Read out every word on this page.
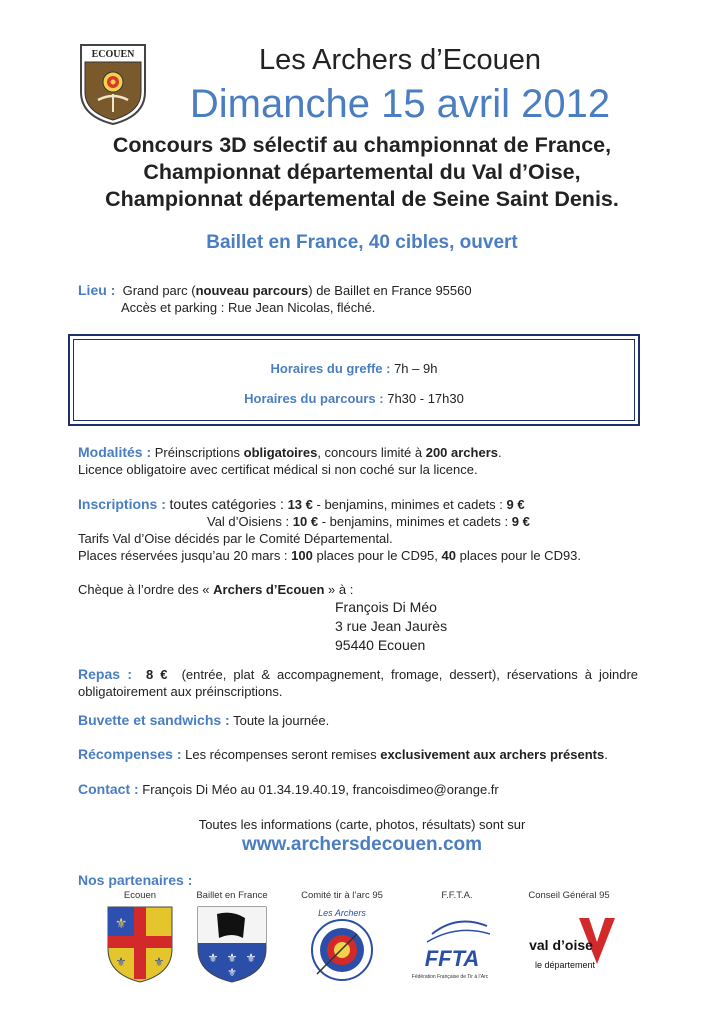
ECOUEN	Les Archers d’Ecouen
Dimanche 15 avril 2012
Concours 3D sélectif au championnat de France,
Championnat départemental du Val d’Oise,
Championnat départemental de Seine Saint Denis.
Baillet en France, 40 cibles, ouvert
Lieu : Grand parc (nouveau parcours) de Baillet en France 95560
Accès et parking : Rue Jean Nicolas, fléché.
Horaires du greffe : 7h – 9h
Horaires du parcours : 7h30 - 17h30
Modalités : Préinscriptions obligatoires, concours limité à 200 archers.
Licence obligatoire avec certificat médical si non coché sur la licence.
Inscriptions : toutes catégories : 13 € - benjamins, minimes et cadets : 9 €
Val d’Oisiens : 10 € - benjamins, minimes et cadets : 9 €
Tarifs Val d’Oise décidés par le Comité Départemental.
Places réservées jusqu’au 20 mars : 100 places pour le CD95, 40 places pour le CD93.
Chèque à l’ordre des « Archers d’Ecouen » à :
François Di Méo
3 rue Jean Jaurès
95440 Ecouen
Repas : 8 € (entrée, plat & accompagnement, fromage, dessert), réservations à joindre obligatoirement aux préinscriptions.
Buvette et sandwichs : Toute la journée.
Récompenses : Les récompenses seront remises exclusivement aux archers présents.
Contact : François Di Méo au 01.34.19.40.19, francoisdimeo@orange.fr
Toutes les informations (carte, photos, résultats) sont sur
www.archersdecouen.com
Nos partenaires :
Ecouen
⚜
⚜
⚜
Baillet en France
⚜ ⚜ ⚜
⚜
Comité tir à l’arc 95
Les Archers
F.F.T.A.
FFTA
Fédération Française de Tir à l’Arc
Conseil Général 95
val d’oise
le département
